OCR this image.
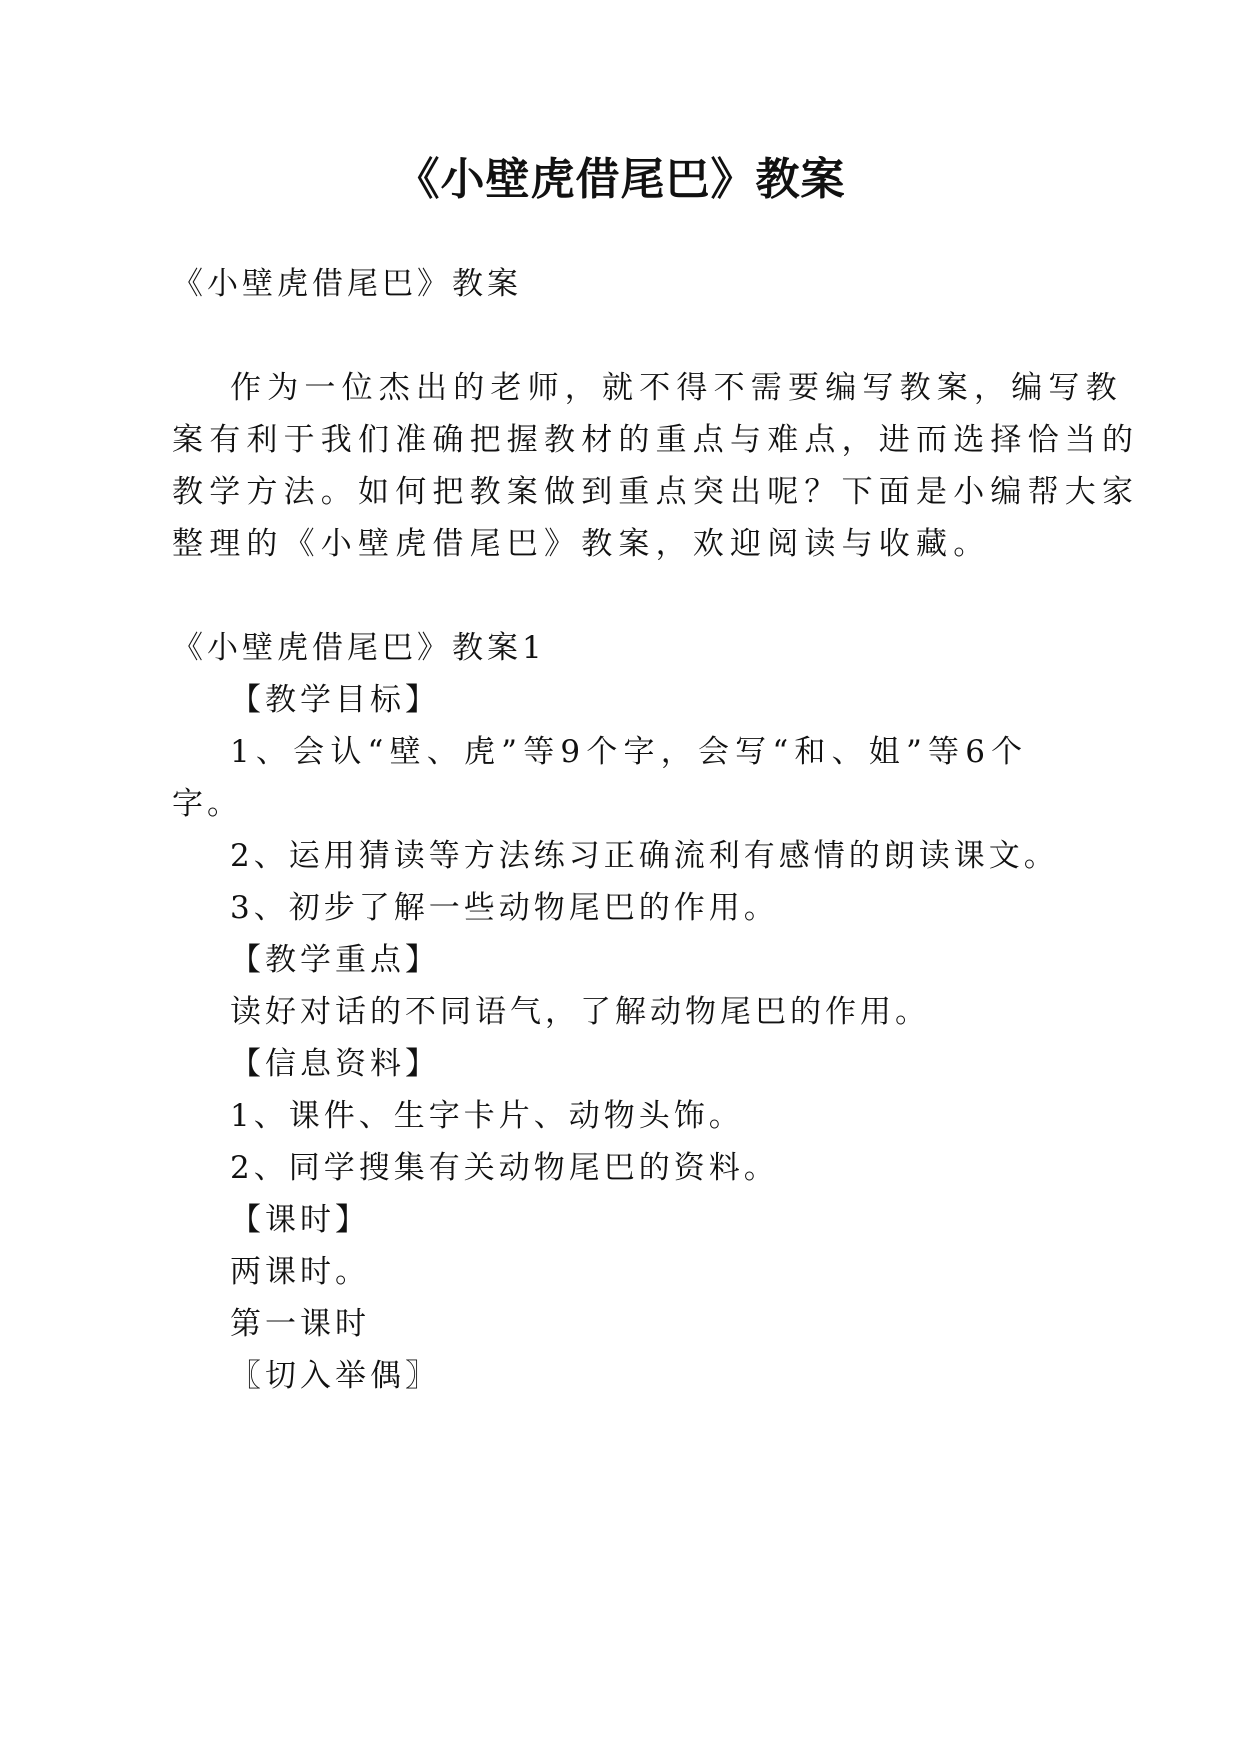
《小壁虎借尾巴》教案
《小壁虎借尾巴》教案
作为一位杰出的老师，就不得不需要编写教案，编写教
案有利于我们准确把握教材的重点与难点，进而选择恰当的
教学方法。如何把教案做到重点突出呢？下面是小编帮大家
整理的《小壁虎借尾巴》教案，欢迎阅读与收藏。
《小壁虎借尾巴》教案1
【教学目标】
1、会认“壁、虎”等9个字，会写“和、姐”等6个
字。
2、运用猜读等方法练习正确流利有感情的朗读课文。
3、初步了解一些动物尾巴的作用。
【教学重点】
读好对话的不同语气，了解动物尾巴的作用。
【信息资料】
1、课件、生字卡片、动物头饰。
2、同学搜集有关动物尾巴的资料。
【课时】
两课时。
第一课时
〖切入举偶〗
